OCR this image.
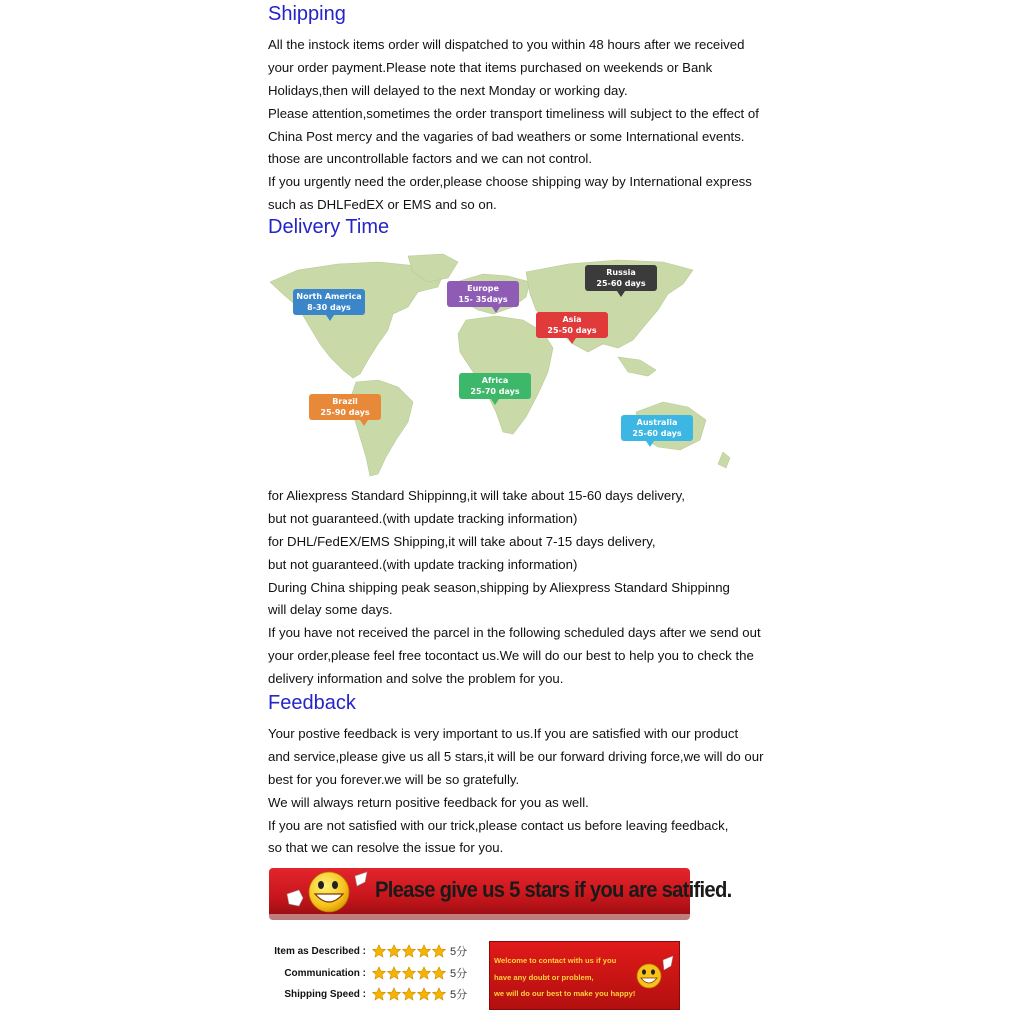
Shipping
All the instock items order will dispatched to you within 48 hours after we received
your order payment.Please note that items purchased on weekends or Bank
Holidays,then will delayed to the next Monday or working day.
Please attention,sometimes the order transport timeliness will subject to the effect of
China Post mercy and the vagaries of bad weathers or some International events.
those are uncontrollable factors and we can not control.
If you urgently need the order,please choose shipping way by International express
such as DHLFedEX or EMS and so on.
Delivery Time
North America
8-30 days
Europe
15- 35days
Russia
25-60 days
Asia
25-50 days
Africa
25-70 days
Brazil
25-90 days
Australia
25-60 days
for Aliexpress Standard Shippinng,it will take about 15-60 days delivery,
but not guaranteed.(with update tracking information)
for DHL/FedEX/EMS Shipping,it will take about 7-15 days delivery,
but not guaranteed.(with update tracking information)
During China shipping peak season,shipping by Aliexpress Standard Shippinng
will delay some days.
If you have not received the parcel in the following scheduled days after we send out
your order,please feel free tocontact us.We will do our best to help you to check the
delivery information and solve the problem for you.
Feedback
Your postive feedback is very important to us.If you are satisfied with our product
and service,please give us all 5 stars,it will be our forward driving force,we will do our
best for you forever.we will be so gratefully.
We will always return positive feedback for you as well.
If you are not satisfied with our trick,please contact us before leaving feedback,
so that we can resolve the issue for you.
Please give us 5 stars if you are satified.
Item as Described :	5分
Communication :	5分
Shipping Speed :	5分
Welcome to contact with us if you
have any doubt or problem,
we will do our best to make you happy!
